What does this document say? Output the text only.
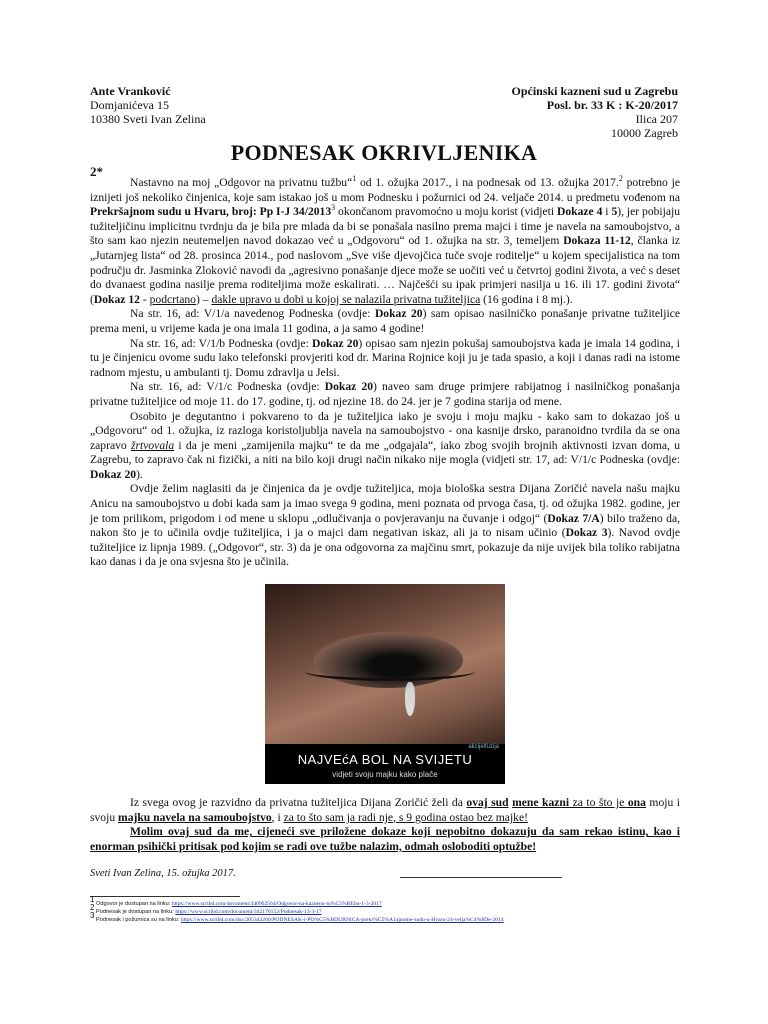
Ante Vranković
Domjanićeva 15
10380 Sveti Ivan Zelina
Općinski kazneni sud u Zagrebu
Posl. br. 33 K : K-20/2017
Ilica 207
10000 Zagreb
PODNESAK OKRIVLJENIKA
2*

Nastavno na moj „Odgovor na privatnu tužbu“$^1$ od 1. ožujka 2017., i na podnesak od 13. ožujka 2017.$^2$ potrebno je iznijeti još nekoliko činjenica, koje sam istakao još u mom Podnesku i požurnici od 24. veljače 2014. u predmetu vođenom na Prekršajnom sudu u Hvaru, broj: Pp I-J 34/2013$^3$ okončanom pravomoćno u moju korist (vidjeti Dokaze 4 i 5), jer pobijaju tužiteljičinu implicitnu tvrdnju da je bila pre mlada da bi se ponašala nasilno prema majci i time je navela na samoubojstvo, a što sam kao njezin neutemeljen navod dokazao već u „Odgovoru“ od 1. ožujka na str. 3, temeljem Dokaza 11-12, članka iz „Jutarnjeg lista“ od 28. prosinca 2014., pod naslovom „Sve više djevojčica tuče svoje roditelje“ u kojem specijalistica na tom području dr. Jasminka Zloković navodi da „agresivno ponašanje djece može se uočiti već u četvrtoj godini života, a već s deset do dvanaest godina nasilje prema roditeljima može eskalirati. … Najčešći su ipak primjeri nasilja u 16. ili 17. godini života“ (Dokaz 12 - podcrtano) – dakle upravo u dobi u kojoj se nalazila privatna tužiteljica (16 godina i 8 mj.).

Na str. 16, ad: V/1/a navedenog Podneska (ovdje: Dokaz 20) sam opisao nasilničko ponašanje privatne tužiteljice prema meni, u vrijeme kada je ona imala 11 godina, a ja samo 4 godine!

Na str. 16, ad: V/1/b Podneska (ovdje: Dokaz 20) opisao sam njezin pokušaj samoubojstva kada je imala 14 godina, i tu je činjenicu ovome sudu lako telefonski provjeriti kod dr. Marina Rojnice koji ju je tada spasio, a koji i danas radi na istome radnom mjestu, u ambulanti tj. Domu zdravlja u Jelsi.

Na str. 16, ad: V/1/c Podneska (ovdje: Dokaz 20) naveo sam druge primjere rabijatnog i nasilničkog ponašanja privatne tužiteljice od moje 11. do 17. godine, tj. od njezine 18. do 24. jer je 7 godina starija od mene.

Osobito je degutantno i pokvareno to da je tužiteljica iako je svoju i moju majku - kako sam to dokazao još u „Odgovoru“ od 1. ožujka, iz razloga koristoljublja navela na samoubojstvo - ona kasnije drsko, paranoidno tvrdila da se ona zapravo žrtvovala i da je meni „zamijenila majku“ te da me „odgajala“, iako zbog svojih brojnih aktivnosti izvan doma, u Zagrebu, to zapravo čak ni fizički, a niti na bilo koji drugi način nikako nije mogla (vidjeti str. 17, ad: V/1/c Podneska (ovdje: Dokaz 20).

Ovdje želim naglasiti da je činjenica da je ovdje tužiteljica, moja biološka sestra Dijana Zoričić navela našu majku Anicu na samoubojstvo u dobi kada sam ja imao svega 9 godina, meni poznata od prvoga časa, tj. od ožujka 1982. godine, jer je tom prilikom, prigodom i od mene u sklopu „odlučivanja o povjeravanju na čuvanje i odgoj“ (Dokaz 7/A) bilo traženo da, nakon što je to učinila ovdje tužiteljica, i ja o majci dam negativan iskaz, ali ja to nisam učinio (Dokaz 3). Navod ovdje tužiteljice iz lipnja 1989. („Odgovor“, str. 3) da je ona odgovorna za majčinu smrt, pokazuje da nije uvijek bila toliko rabijatna kao danas i da je ona svjesna što je učinila.

akcijelfuzija
NAJVEćA BOL NA SVIJETU
vidjeti svoju majku kako plače

Iz svega ovog je razvidno da privatna tužiteljica Dijana Zoričić želi da ovaj sud mene kazni za to što je ona moju i svoju majku navela na samoubojstvo, i za to što sam ja radi nje, s 9 godina ostao bez majke!

Molim ovaj sud da me, cijeneći sve priložene dokaze koji nepobitno dokazuju da sam rekao istinu, kao i enorman psihički pritisak pod kojim se radi ove tužbe nalazim, odmah osloboditi optužbe!

Sveti Ivan Zelina, 15. ožujka 2017.
$^1$ Odgovor je dostupan na linku: https://www.scribd.com/document/340902564/Odgovor-na-kaznenu-tu%C5%BEbu-1-3-2017
$^2$ Podnesak je dostupan na linku: https://www.scribd.com/document/342176152/Podnesak-13-3-17
$^3$ Podnesak i požurnica su na linku: https://www.scribd.com/doc/205343260/PODNESAK-i-PO%C5%BDURNICA-prekr%C5%A1ajnome-sudu-u-Hvaru-24-velja%C4%8De-2014
